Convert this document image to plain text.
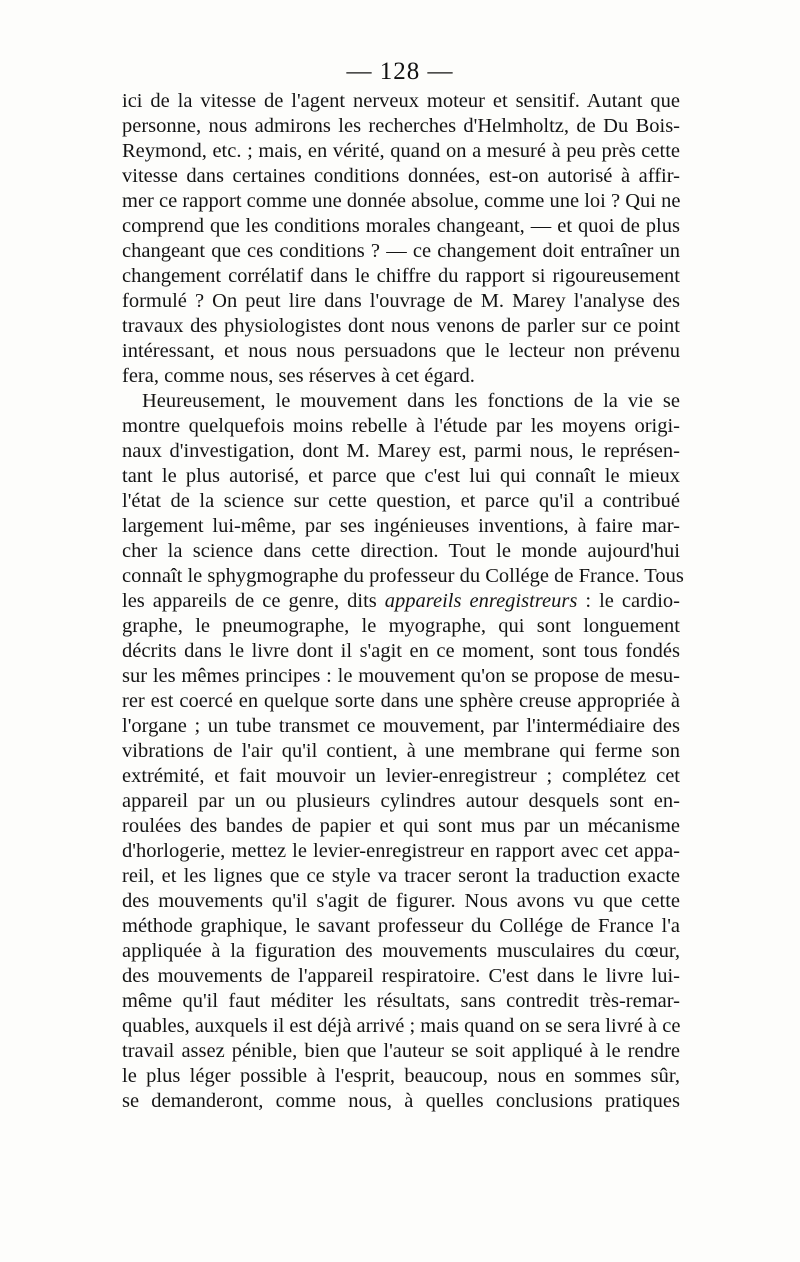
— 128 —
ici de la vitesse de l'agent nerveux moteur et sensitif. Autant que
personne, nous admirons les recherches d'Helmholtz, de Du Bois-
Reymond, etc. ; mais, en vérité, quand on a mesuré à peu près cette
vitesse dans certaines conditions données, est-on autorisé à affir-
mer ce rapport comme une donnée absolue, comme une loi ? Qui ne
comprend que les conditions morales changeant, — et quoi de plus
changeant que ces conditions ? — ce changement doit entraîner un
changement corrélatif dans le chiffre du rapport si rigoureusement
formulé ? On peut lire dans l'ouvrage de M. Marey l'analyse des
travaux des physiologistes dont nous venons de parler sur ce point
intéressant, et nous nous persuadons que le lecteur non prévenu
fera, comme nous, ses réserves à cet égard.
Heureusement, le mouvement dans les fonctions de la vie se
montre quelquefois moins rebelle à l'étude par les moyens origi-
naux d'investigation, dont M. Marey est, parmi nous, le représen-
tant le plus autorisé, et parce que c'est lui qui connaît le mieux
l'état de la science sur cette question, et parce qu'il a contribué
largement lui-même, par ses ingénieuses inventions, à faire mar-
cher la science dans cette direction. Tout le monde aujourd'hui
connaît le sphygmographe du professeur du Collége de France. Tous
les appareils de ce genre, dits appareils enregistreurs : le cardio-
graphe, le pneumographe, le myographe, qui sont longuement
décrits dans le livre dont il s'agit en ce moment, sont tous fondés
sur les mêmes principes : le mouvement qu'on se propose de mesu-
rer est coercé en quelque sorte dans une sphère creuse appropriée à
l'organe ; un tube transmet ce mouvement, par l'intermédiaire des
vibrations de l'air qu'il contient, à une membrane qui ferme son
extrémité, et fait mouvoir un levier-enregistreur ; complétez cet
appareil par un ou plusieurs cylindres autour desquels sont en-
roulées des bandes de papier et qui sont mus par un mécanisme
d'horlogerie, mettez le levier-enregistreur en rapport avec cet appa-
reil, et les lignes que ce style va tracer seront la traduction exacte
des mouvements qu'il s'agit de figurer. Nous avons vu que cette
méthode graphique, le savant professeur du Collége de France l'a
appliquée à la figuration des mouvements musculaires du cœur,
des mouvements de l'appareil respiratoire. C'est dans le livre lui-
même qu'il faut méditer les résultats, sans contredit très-remar-
quables, auxquels il est déjà arrivé ; mais quand on se sera livré à ce
travail assez pénible, bien que l'auteur se soit appliqué à le rendre
le plus léger possible à l'esprit, beaucoup, nous en sommes sûr,
se demanderont, comme nous, à quelles conclusions pratiques
